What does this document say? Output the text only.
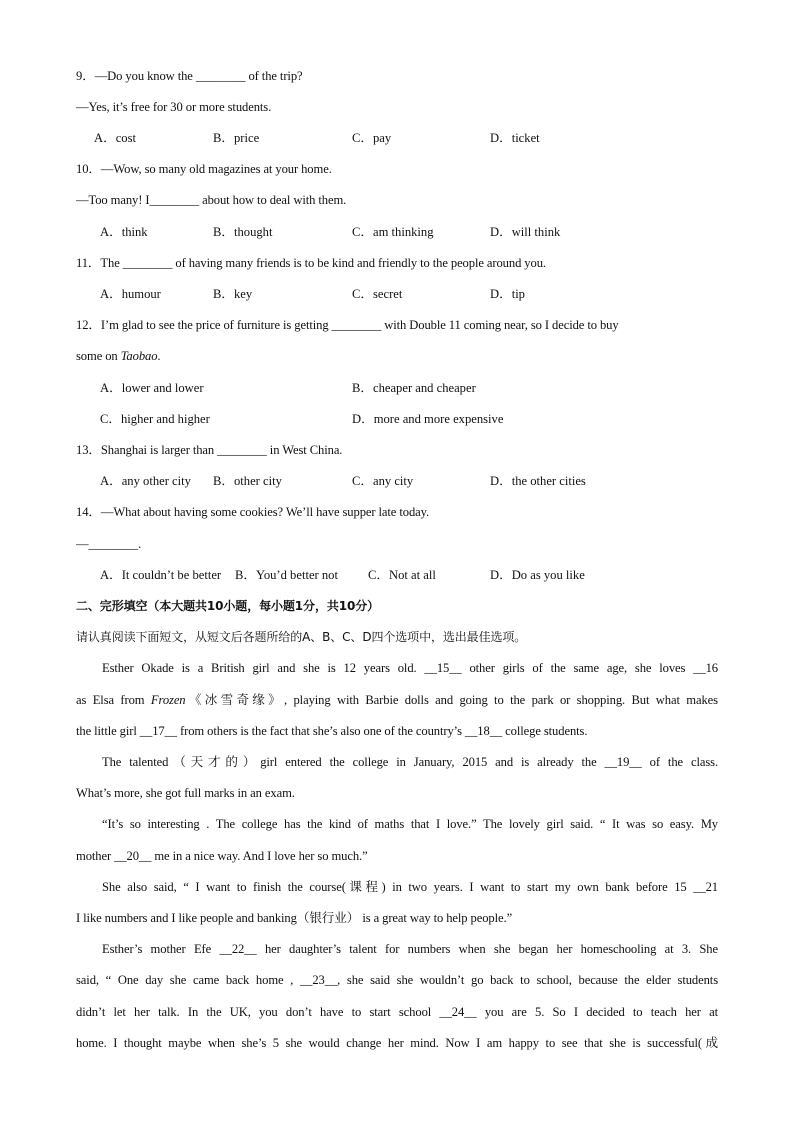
9．—Do you know the ________ of the trip?
—Yes, it’s free for 30 or more students.
A．cost	B．price	C．pay	D．ticket
10．—Wow, so many old magazines at your home.
—Too many! I________ about how to deal with them.
A．think	B．thought	C．am thinking	D．will think
11．The ________ of having many friends is to be kind and friendly to the people around you.
A．humour	B．key	C．secret	D．tip
12．I’m glad to see the price of furniture is getting ________ with Double 11 coming near, so I decide to buy
some on Taobao.
A．lower and lower	B．cheaper and cheaper
C．higher and higher	D．more and more expensive
13．Shanghai is larger than ________ in West China.
A．any other city B．other city	C．any city	D．the other cities
14．—What about having some cookies? We’ll have supper late today.
—________.
A．It couldn’t be better B．You’d better not C．Not at all	D．Do as you like
二、完形填空（本大题共10小题，每小题1分，共10分）
请认真阅读下面短文，从短文后各题所给的A、B、C、D四个选项中，选出最佳选项。
Esther Okade is a British girl and she is 12 years old. __15__ other girls of the same age, she loves __16
as Elsa from Frozen《冰雪奇缘》, playing with Barbie dolls and going to the park or shopping. But what makes
the little girl __17__ from others is the fact that she’s also one of the country’s __18__ college students.
The talented（天才的）girl entered the college in January, 2015 and is already the __19__ of the class.
What’s more, she got full marks in an exam.
“It’s so interesting . The college has the kind of maths that I love.” The lovely girl said. “ It was so easy. My
mother __20__ me in a nice way. And I love her so much.”
She also said, “ I want to finish the course(课程) in two years. I want to start my own bank before 15 __21
I like numbers and I like people and banking（银行业） is a great way to help people.”
Esther’s mother Efe __22__ her daughter’s talent for numbers when she began her homeschooling at 3. She
said, “ One day she came back home , __23__, she said she wouldn’t go back to school, because the elder students
didn’t let her talk. In the UK, you don’t have to start school __24__ you are 5. So I decided to teach her at
home. I thought maybe when she’s 5 she would change her mind. Now I am happy to see that she is successful(成
